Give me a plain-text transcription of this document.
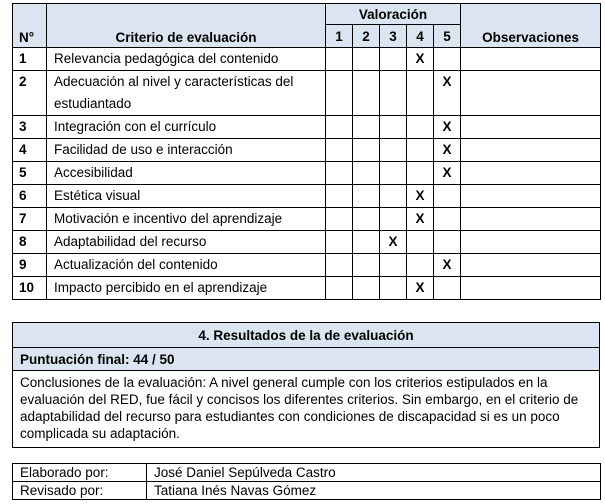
N°	Criterio de evaluación	Valoración					Observaciones
		1	2	3	4	5	
1	Relevancia pedagógica del contenido				X		
2	Adecuación al nivel y características del estudiantado					X	
3	Integración con el currículo					X	
4	Facilidad de uso e interacción					X	
5	Accesibilidad					X	
6	Estética visual				X		
7	Motivación e incentivo del aprendizaje				X		
8	Adaptabilidad del recurso			X			
9	Actualización del contenido					X	
10	Impacto percibido en el aprendizaje				X		
4. Resultados de la de evaluación
Puntuación final: 44 / 50
Conclusiones de la evaluación: A nivel general cumple con los criterios estipulados en la evaluación del RED, fue fácil y concisos los diferentes criterios. Sin embargo, en el criterio de adaptabilidad del recurso para estudiantes con condiciones de discapacidad si es un poco complicada su adaptación.
Elaborado por:	José Daniel Sepúlveda Castro
Revisado por:	Tatiana Inés Navas Gómez
